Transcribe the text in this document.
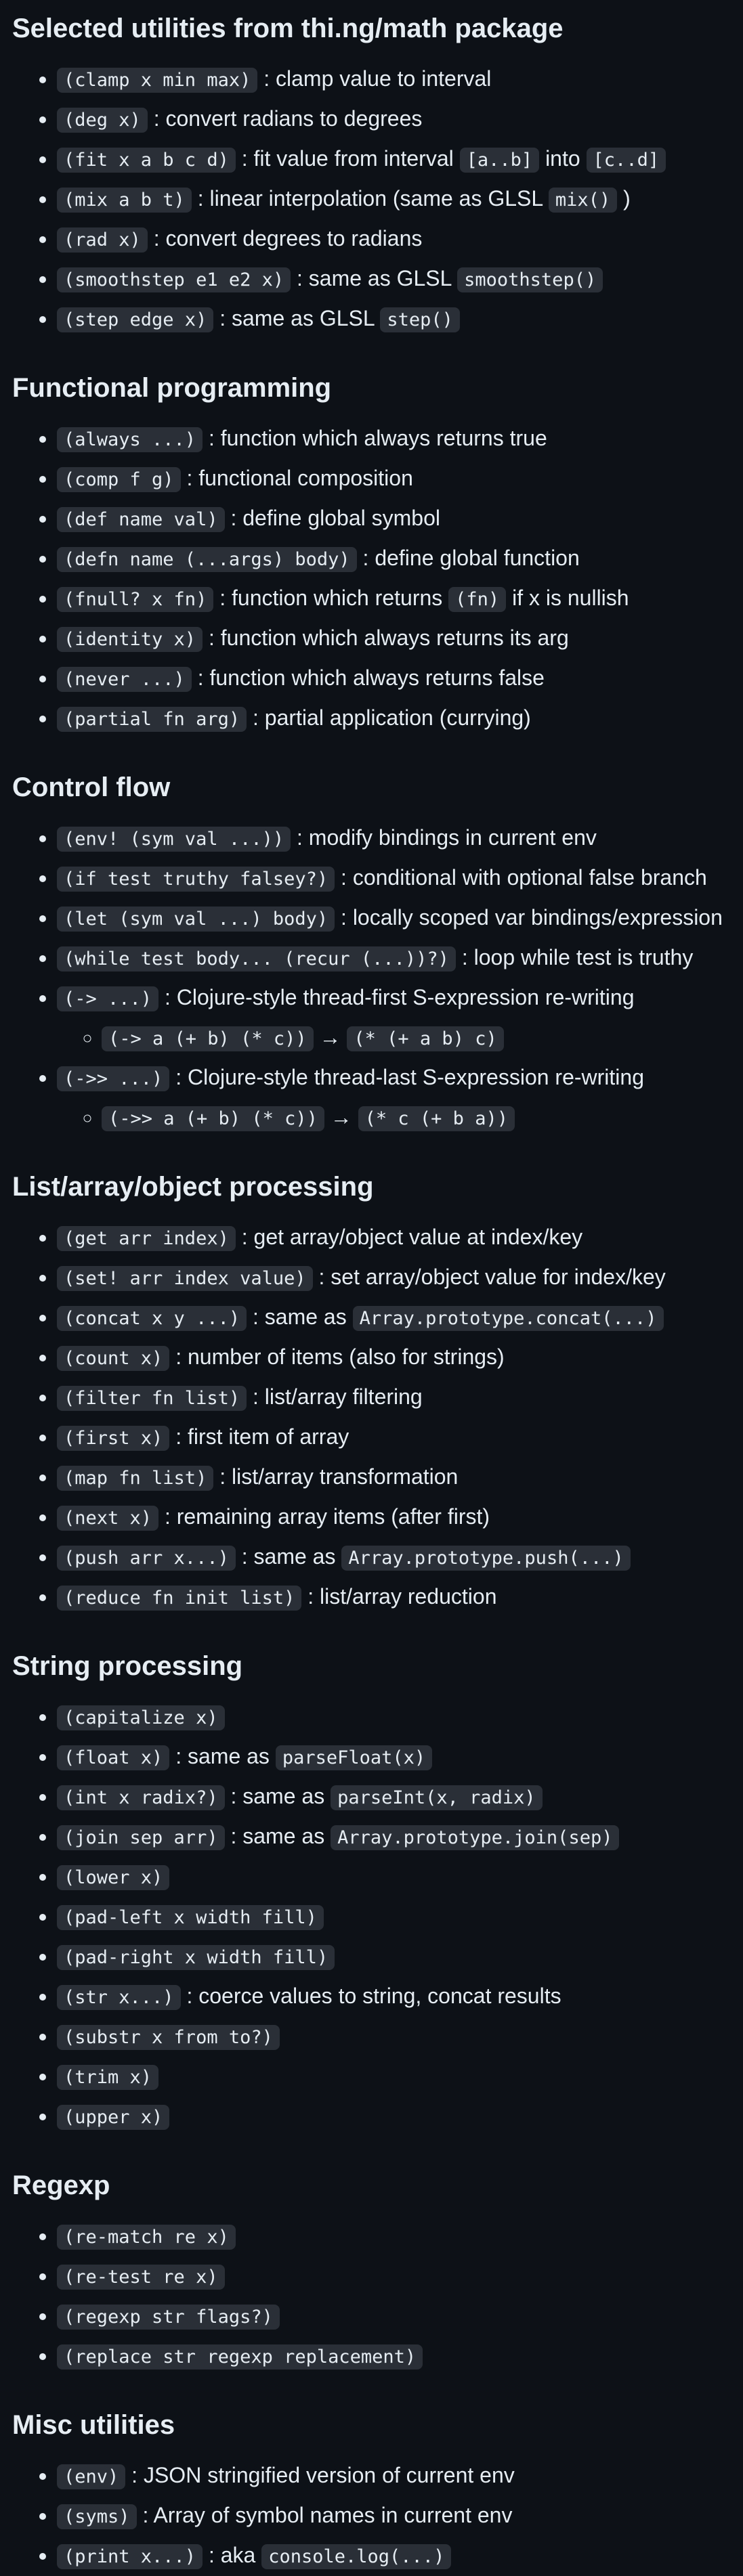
Selected utilities from thi.ng/math package
• (clamp x min max) : clamp value to interval
• (deg x) : convert radians to degrees
• (fit x a b c d) : fit value from interval [a..b] into [c..d]
• (mix a b t) : linear interpolation (same as GLSL mix() )
• (rad x) : convert degrees to radians
• (smoothstep e1 e2 x) : same as GLSL smoothstep()
• (step edge x) : same as GLSL step()
Functional programming
• (always ...) : function which always returns true
• (comp f g) : functional composition
• (def name val) : define global symbol
• (defn name (...args) body) : define global function
• (fnull? x fn) : function which returns (fn) if x is nullish
• (identity x) : function which always returns its arg
• (never ...) : function which always returns false
• (partial fn arg) : partial application (currying)
Control flow
• (env! (sym val ...)) : modify bindings in current env
• (if test truthy falsey?) : conditional with optional false branch
• (let (sym val ...) body) : locally scoped var bindings/expression
• (while test body... (recur (...))?) : loop while test is truthy
• (-> ...) : Clojure-style thread-first S-expression re-writing
◦ (-> a (+ b) (* c)) → (* (+ a b) c)
• (->> ...) : Clojure-style thread-last S-expression re-writing
◦ (->> a (+ b) (* c)) → (* c (+ b a))
List/array/object processing
• (get arr index) : get array/object value at index/key
• (set! arr index value) : set array/object value for index/key
• (concat x y ...) : same as Array.prototype.concat(...)
• (count x) : number of items (also for strings)
• (filter fn list) : list/array filtering
• (first x) : first item of array
• (map fn list) : list/array transformation
• (next x) : remaining array items (after first)
• (push arr x...) : same as Array.prototype.push(...)
• (reduce fn init list) : list/array reduction
String processing
• (capitalize x)
• (float x) : same as parseFloat(x)
• (int x radix?) : same as parseInt(x, radix)
• (join sep arr) : same as Array.prototype.join(sep)
• (lower x)
• (pad-left x width fill)
• (pad-right x width fill)
• (str x...) : coerce values to string, concat results
• (substr x from to?)
• (trim x)
• (upper x)
Regexp
• (re-match re x)
• (re-test re x)
• (regexp str flags?)
• (replace str regexp replacement)
Misc utilities
• (env) : JSON stringified version of current env
• (syms) : Array of symbol names in current env
• (print x...) : aka console.log(...)
